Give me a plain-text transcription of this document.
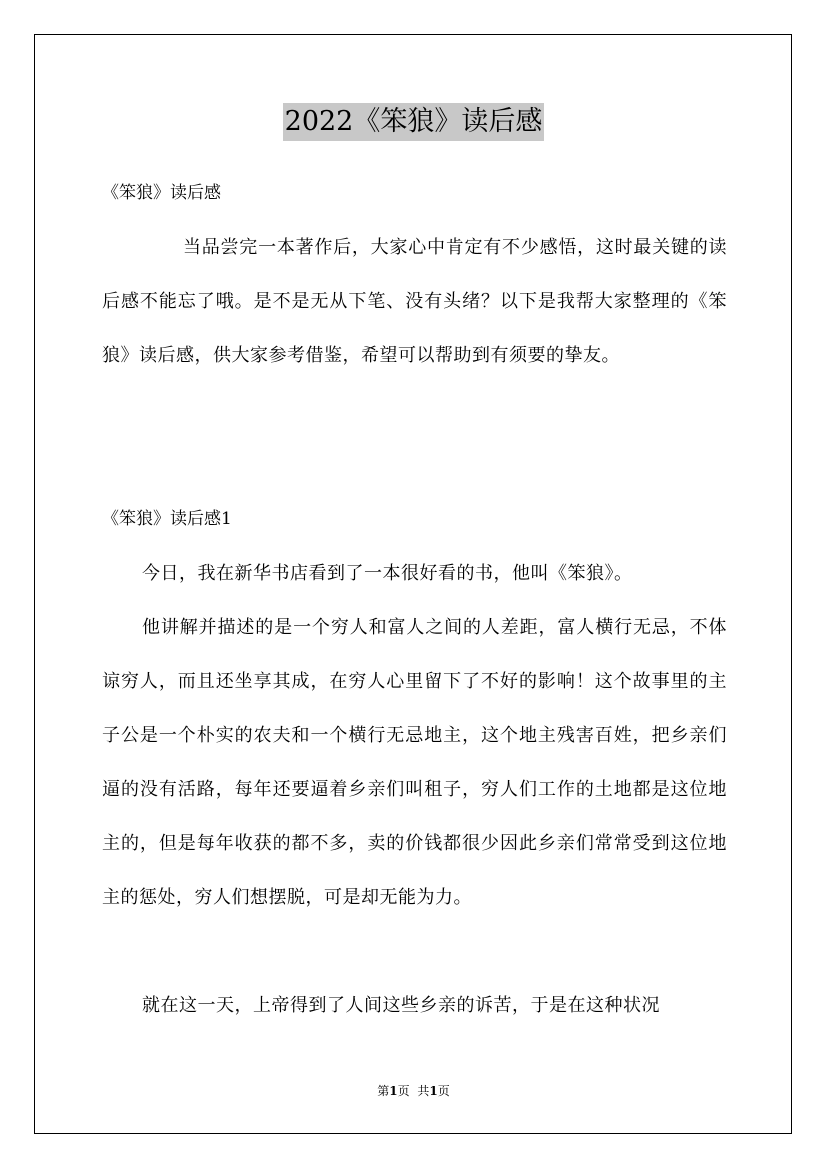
2022《笨狼》读后感

《笨狼》读后感

当品尝完一本著作后，大家心中肯定有不少感悟，这时最关键的读后感不能忘了哦。是不是无从下笔、没有头绪？以下是我帮大家整理的《笨狼》读后感，供大家参考借鉴，希望可以帮助到有须要的挚友。

《笨狼》读后感1

今日，我在新华书店看到了一本很好看的书，他叫《笨狼》。

他讲解并描述的是一个穷人和富人之间的人差距，富人横行无忌，不体谅穷人，而且还坐享其成，在穷人心里留下了不好的影响！这个故事里的主子公是一个朴实的农夫和一个横行无忌地主，这个地主残害百姓，把乡亲们逼的没有活路，每年还要逼着乡亲们叫租子，穷人们工作的土地都是这位地主的，但是每年收获的都不多，卖的价钱都很少因此乡亲们常常受到这位地主的惩处，穷人们想摆脱，可是却无能为力。

就在这一天，上帝得到了人间这些乡亲的诉苦，于是在这种状况

第1页 共1页
